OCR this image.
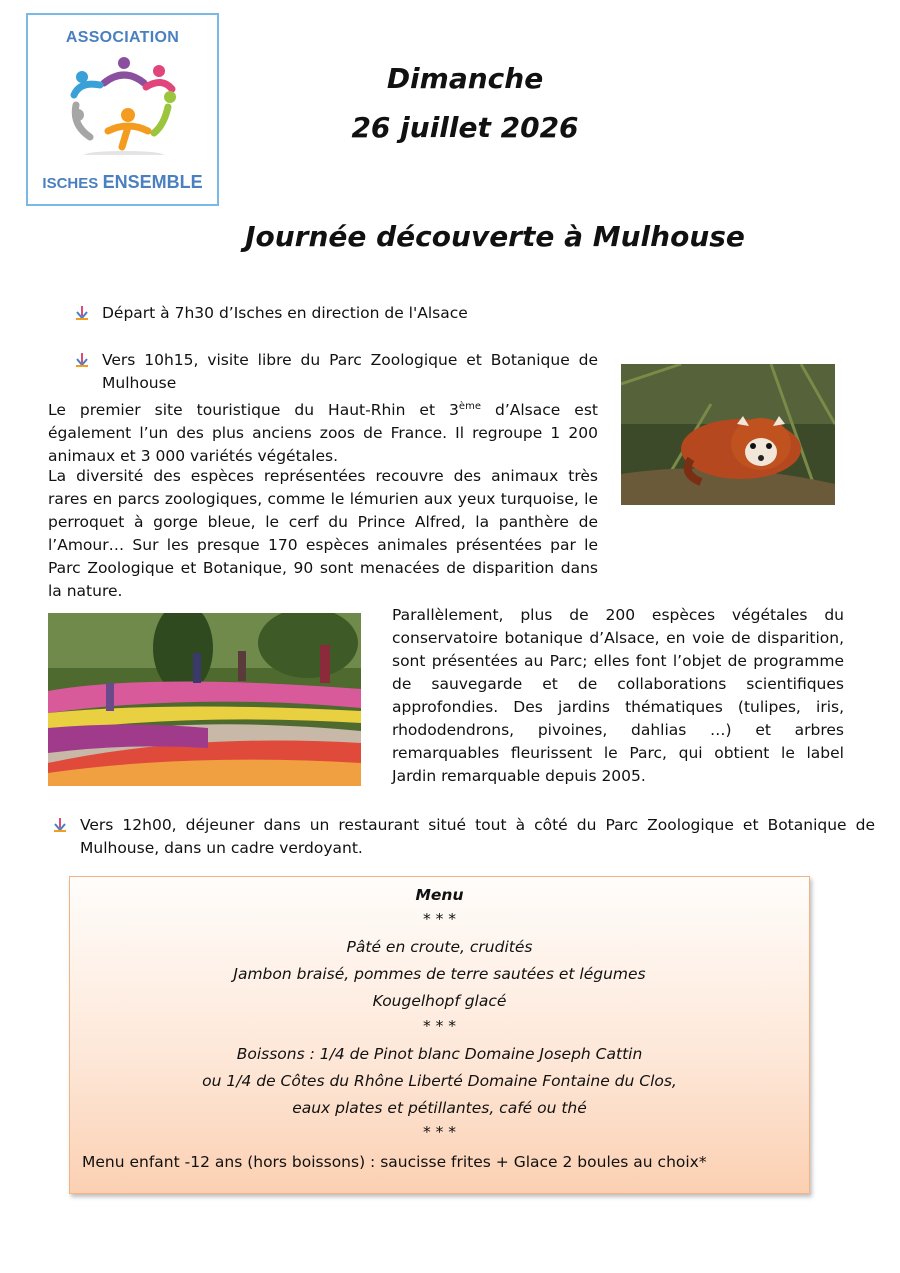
ASSOCIATION
ISCHES ENSEMBLE
Dimanche
26 juillet 2026
Journée découverte à Mulhouse
Départ à 7h30 d’Isches en direction de l'Alsace
Vers 10h15, visite libre du Parc Zoologique et Botanique de Mulhouse
Le premier site touristique du Haut-Rhin et 3ème d’Alsace est également l’un des plus anciens zoos de France. Il regroupe 1 200 animaux et 3 000 variétés végétales.
La diversité des espèces représentées recouvre des animaux très rares en parcs zoologiques, comme le lémurien aux yeux turquoise, le perroquet à gorge bleue, le cerf du Prince Alfred, la panthère de l’Amour… Sur les presque 170 espèces animales présentées par le Parc Zoologique et Botanique, 90 sont menacées de disparition dans la nature.
Parallèlement, plus de 200 espèces végétales du conservatoire botanique d’Alsace, en voie de disparition, sont présentées au Parc; elles font l’objet de programme de sauvegarde et de collaborations scientifiques approfondies. Des jardins thématiques (tulipes, iris, rhododendrons, pivoines, dahlias …) et arbres remarquables fleurissent le Parc, qui obtient le label Jardin remarquable depuis 2005.
Vers 12h00, déjeuner dans un restaurant situé tout à côté du Parc Zoologique et Botanique de Mulhouse, dans un cadre verdoyant.
Menu
* * *
Pâté en croute, crudités
Jambon braisé, pommes de terre sautées et légumes
Kougelhopf glacé
* * *
Boissons : 1/4 de Pinot blanc Domaine Joseph Cattin
ou 1/4 de Côtes du Rhône Liberté Domaine Fontaine du Clos,
eaux plates et pétillantes, café ou thé
* * *
Menu enfant -12 ans (hors boissons) : saucisse frites + Glace 2 boules au choix*
